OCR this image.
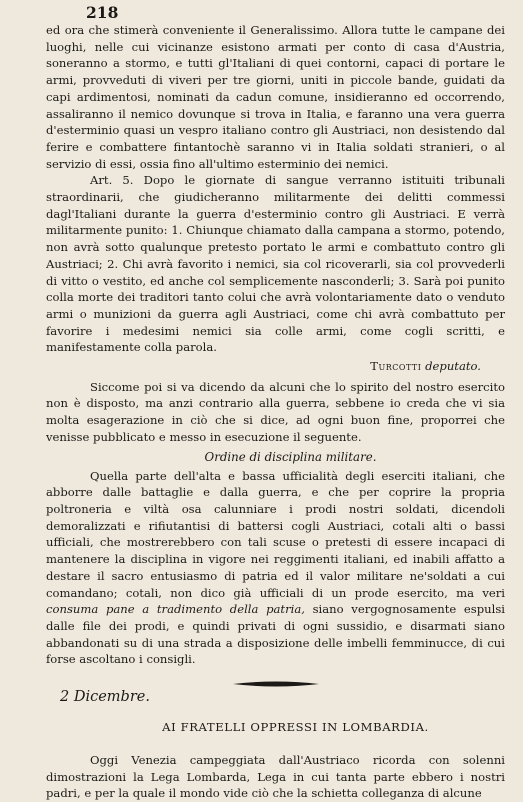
218

ed ora che stimerà conveniente il Generalissimo. Allora tutte le campane dei luoghi, nelle cui vicinanze esistono armati per conto di casa d'Austria, soneranno a stormo, e tutti gl'Italiani di quei contorni, capaci di portare le armi, provveduti di viveri per tre giorni, uniti in piccole bande, guidati da capi ardimentosi, nominati da cadun comune, insidieranno ed occorrendo, assaliranno il nemico dovunque si trova in Italia, e faranno una vera guerra d'esterminio quasi un vespro italiano contro gli Austriaci, non desistendo dal ferire e combattere fintantochè saranno vi in Italia soldati stranieri, o al servizio di essi, ossia fino all'ultimo esterminio dei nemici.

Art. 5. Dopo le giornate di sangue verranno istituiti tribunali straordinarii, che giudicheranno militarmente dei delitti commessi dagl'Italiani durante la guerra d'esterminio contro gli Austriaci. E verrà militarmente punito: 1. Chiunque chiamato dalla campana a stormo, potendo, non avrà sotto qualunque pretesto portato le armi e combattuto contro gli Austriaci; 2. Chi avrà favorito i nemici, sia col ricoverarli, sia col provvederli di vitto o vestito, ed anche col semplicemente nasconderli; 3. Sarà poi punito colla morte dei traditori tanto colui che avrà volontariamente dato o venduto armi o munizioni da guerra agli Austriaci, come chi avrà combattuto per favorire i medesimi nemici sia colle armi, come cogli scritti, e manifestamente colla parola.

Turcotti deputato.

Siccome poi si va dicendo da alcuni che lo spirito del nostro esercito non è disposto, ma anzi contrario alla guerra, sebbene io creda che vi sia molta esagerazione in ciò che si dice, ad ogni buon fine, proporrei che venisse pubblicato e messo in esecuzione il seguente.

Ordine di disciplina militare.

Quella parte dell'alta e bassa ufficialità degli eserciti italiani, che abborre dalle battaglie e dalla guerra, e che per coprire la propria poltroneria e viltà osa calunniare i prodi nostri soldati, dicendoli demoralizzati e rifiutantisi di battersi cogli Austriaci, cotali alti o bassi ufficiali, che mostrerebbero con tali scuse o pretesti di essere incapaci di mantenere la disciplina in vigore nei reggimenti italiani, ed inabili affatto a destare il sacro entusiasmo di patria ed il valor militare ne'soldati a cui comandano; cotali, non dico già ufficiali di un prode esercito, ma veri consuma pane a tradimento della patria, siano vergognosamente espulsi dalle file dei prodi, e quindi privati di ogni sussidio, e disarmati siano abbandonati su di una strada a disposizione delle imbelli femminucce, di cui forse ascoltano i consigli.

2 Dicembre.
AI FRATELLI OPPRESSI IN LOMBARDIA.

Oggi Venezia campeggiata dall'Austriaco ricorda con solenni dimostrazioni la Lega Lombarda, Lega in cui tanta parte ebbero i nostri padri, e per la quale il mondo vide ciò che la schietta colleganza di alcune
